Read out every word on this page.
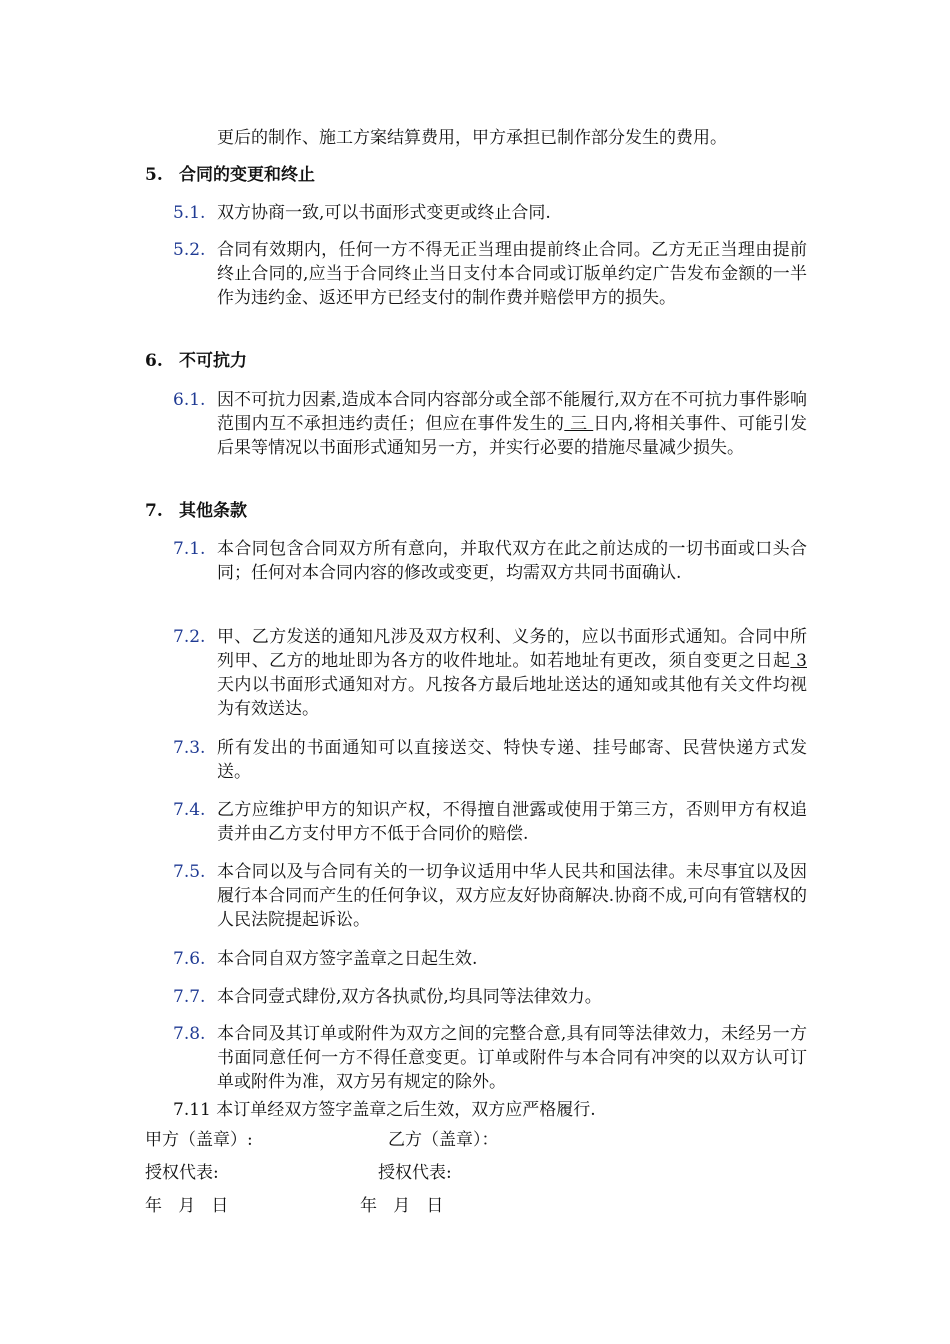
更后的制作、施工方案结算费用，甲方承担已制作部分发生的费用。
5. 合同的变更和终止
5.1. 双方协商一致,可以书面形式变更或终止合同.
5.2. 合同有效期内，任何一方不得无正当理由提前终止合同。乙方无正当理由提前终止合同的,应当于合同终止当日支付本合同或订版单约定广告发布金额的一半作为违约金、返还甲方已经支付的制作费并赔偿甲方的损失。
6. 不可抗力
6.1. 因不可抗力因素,造成本合同内容部分或全部不能履行,双方在不可抗力事件影响范围内互不承担违约责任；但应在事件发生的 三 日内,将相关事件、可能引发后果等情况以书面形式通知另一方，并实行必要的措施尽量减少损失。
7. 其他条款
7.1. 本合同包含合同双方所有意向，并取代双方在此之前达成的一切书面或口头合同；任何对本合同内容的修改或变更，均需双方共同书面确认.
7.2. 甲、乙方发送的通知凡涉及双方权利、义务的，应以书面形式通知。合同中所列甲、乙方的地址即为各方的收件地址。如若地址有更改，须自变更之日起 3 天内以书面形式通知对方。凡按各方最后地址送达的通知或其他有关文件均视为有效送达。
7.3. 所有发出的书面通知可以直接送交、特快专递、挂号邮寄、民营快递方式发送。
7.4. 乙方应维护甲方的知识产权，不得擅自泄露或使用于第三方，否则甲方有权追责并由乙方支付甲方不低于合同价的赔偿.
7.5. 本合同以及与合同有关的一切争议适用中华人民共和国法律。未尽事宜以及因履行本合同而产生的任何争议，双方应友好协商解决.协商不成,可向有管辖权的人民法院提起诉讼。
7.6. 本合同自双方签字盖章之日起生效.
7.7. 本合同壹式肆份,双方各执贰份,均具同等法律效力。
7.8. 本合同及其订单或附件为双方之间的完整合意,具有同等法律效力，未经另一方书面同意任何一方不得任意变更。订单或附件与本合同有冲突的以双方认可订单或附件为准，双方另有规定的除外。
7.11 本订单经双方签字盖章之后生效，双方应严格履行.
甲方（盖章）:	乙方（盖章）：
授权代表:	授权代表:
年   月   日	年   月   日
